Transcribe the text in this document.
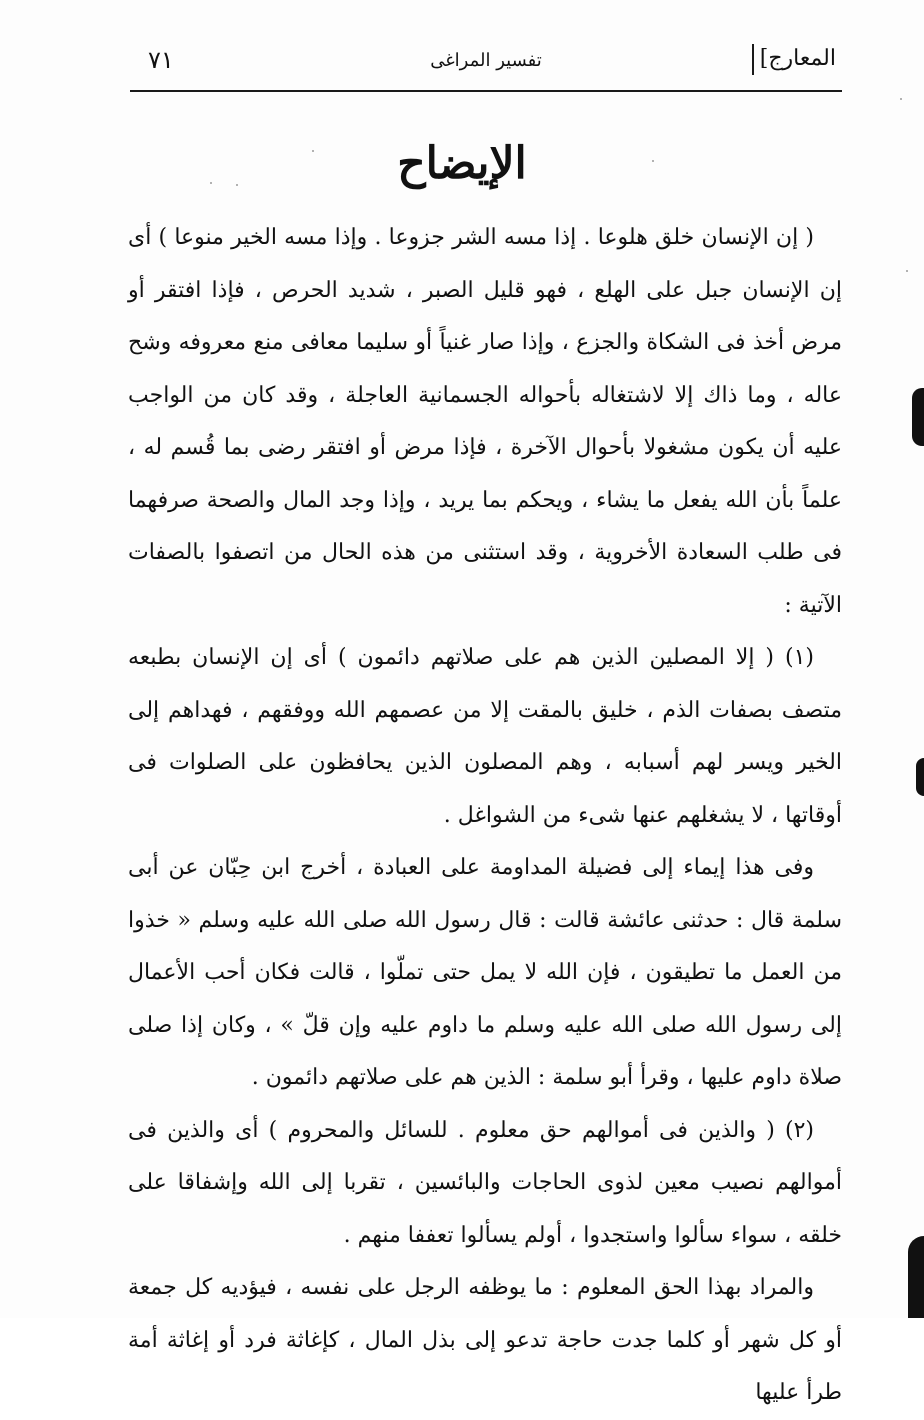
المعارج]
تفسير المراغى
٧١
الإيضاح

( إن الإنسان خلق هلوعا . إذا مسه الشر جزوعا . وإذا مسه الخير منوعا ) أى إن الإنسان جبل على الهلع ، فهو قليل الصبر ، شديد الحرص ، فإذا افتقر أو مرض أخذ فى الشكاة والجزع ، وإذا صار غنياً أو سليما معافى منع معروفه وشح عاله ، وما ذاك إلا لاشتغاله بأحواله الجسمانية العاجلة ، وقد كان من الواجب عليه أن يكون مشغولا بأحوال الآخرة ، فإذا مرض أو افتقر رضى بما قُسم له ، علماً بأن الله يفعل ما يشاء ، ويحكم بما يريد ، وإذا وجد المال والصحة صرفهما فى طلب السعادة الأخروية ، وقد استثنى من هذه الحال من اتصفوا بالصفات الآتية :

(١) ( إلا المصلين الذين هم على صلاتهم دائمون ) أى إن الإنسان بطبعه متصف بصفات الذم ، خليق بالمقت إلا من عصمهم الله ووفقهم ، فهداهم إلى الخير ويسر لهم أسبابه ، وهم المصلون الذين يحافظون على الصلوات فى أوقاتها ، لا يشغلهم عنها شىء من الشواغل .

وفى هذا إيماء إلى فضيلة المداومة على العبادة ، أخرج ابن حِبّان عن أبى سلمة قال : حدثنى عائشة قالت : قال رسول الله صلى الله عليه وسلم « خذوا من العمل ما تطيقون ، فإن الله لا يمل حتى تملّوا ، قالت فكان أحب الأعمال إلى رسول الله صلى الله عليه وسلم ما داوم عليه وإن قلّ » ، وكان إذا صلى صلاة داوم عليها ، وقرأ أبو سلمة : الذين هم على صلاتهم دائمون .

(٢) ( والذين فى أموالهم حق معلوم . للسائل والمحروم ) أى والذين فى أموالهم نصيب معين لذوى الحاجات والبائسين ، تقربا إلى الله وإشفاقا على خلقه ، سواء سألوا واستجدوا ، أولم يسألوا تعففا منهم .

والمراد بهذا الحق المعلوم : ما يوظفه الرجل على نفسه ، فيؤديه كل جمعة أو كل شهر أو كلما جدت حاجة تدعو إلى بذل المال ، كإغاثة فرد أو إغاثة أمة طرأ عليها
